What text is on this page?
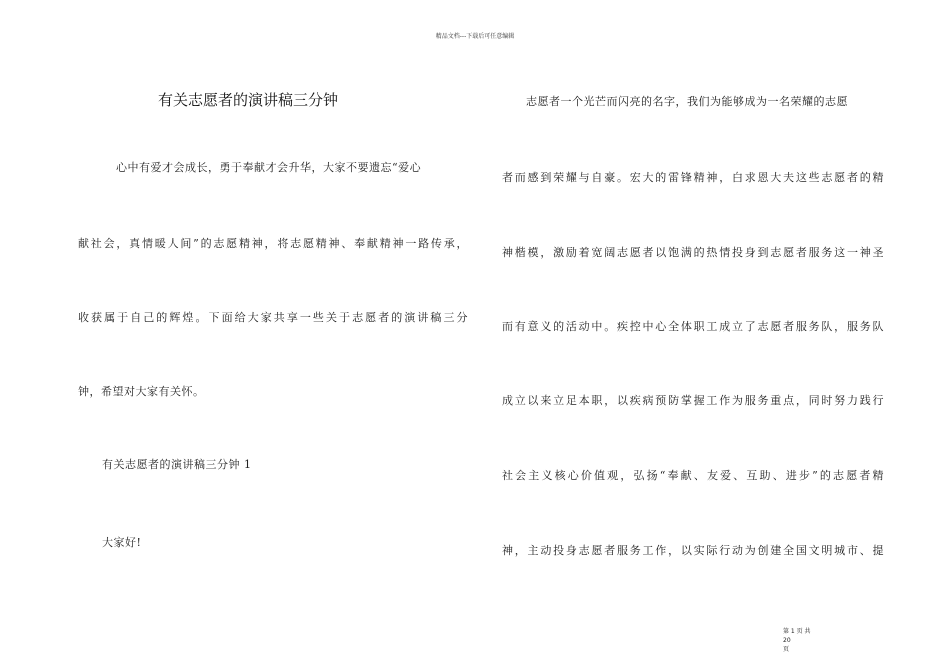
精品文档---下载后可任意编辑
有关志愿者的演讲稿三分钟
心中有爱才会成长，勇于奉献才会升华，大家不要遗忘“爱心
献社会，真情暖人间”的志愿精神，将志愿精神、奉献精神一路传承，
收获属于自己的辉煌。下面给大家共享一些关于志愿者的演讲稿三分
钟，希望对大家有关怀。
有关志愿者的演讲稿三分钟 1
大家好!
志愿者一个光芒而闪亮的名字，我们为能够成为一名荣耀的志愿
者而感到荣耀与自豪。宏大的雷锋精神，白求恩大夫这些志愿者的精
神楷模，激励着宽阔志愿者以饱满的热情投身到志愿者服务这一神圣
而有意义的活动中。疾控中心全体职工成立了志愿者服务队，服务队
成立以来立足本职，以疾病预防掌握工作为服务重点，同时努力践行
社会主义核心价值观，弘扬“奉献、友爱、互助、进步”的志愿者精
神，主动投身志愿者服务工作，以实际行动为创建全国文明城市、提
第 1 页 共 20
页
